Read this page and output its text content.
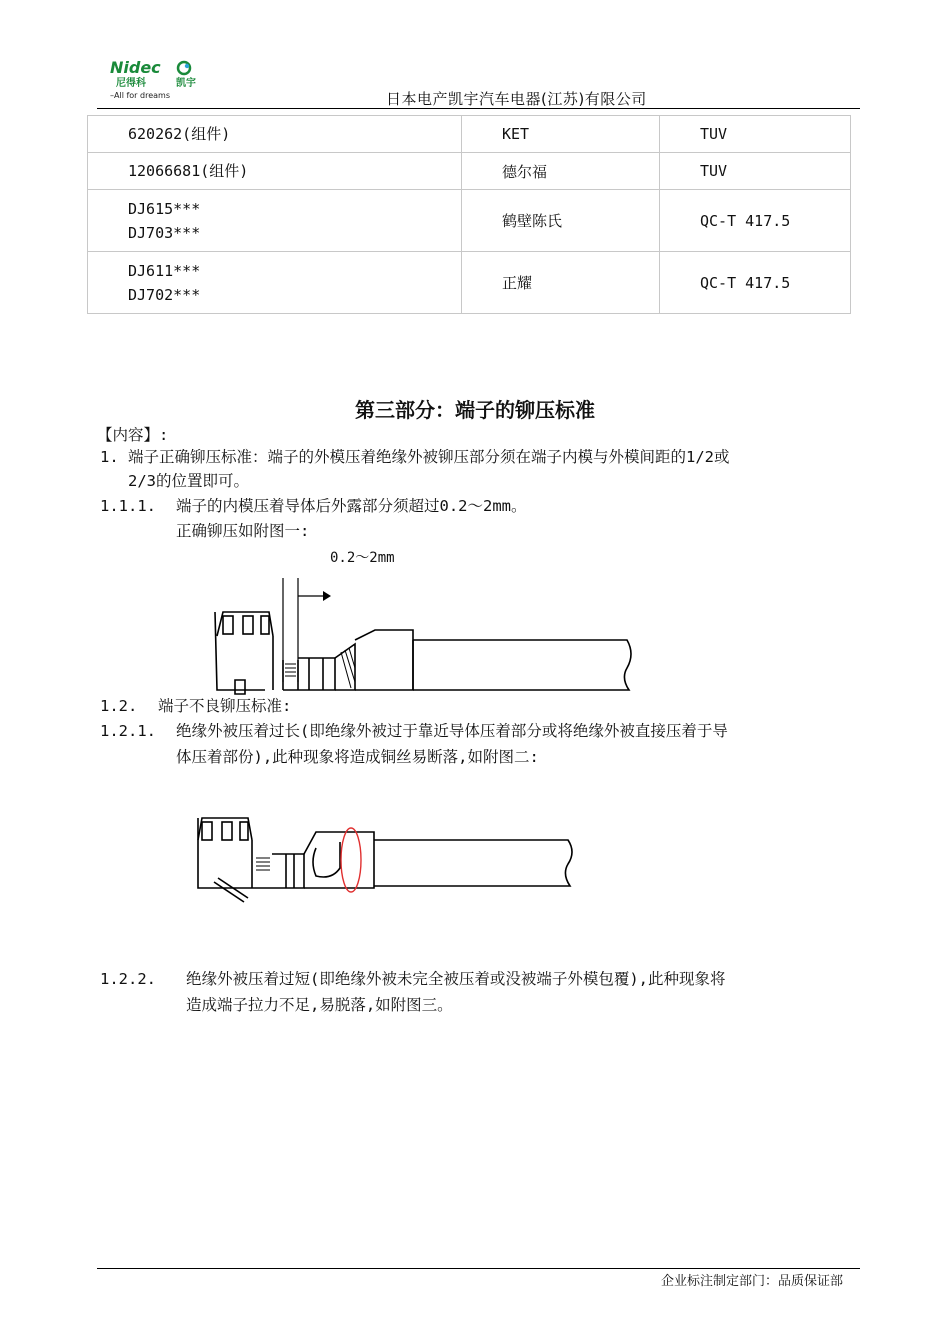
Nidec
尼得科	凯宇
–All for dreams	日本电产凯宇汽车电器(江苏)有限公司
620262(组件)	KET	TUV

12066681(组件)	德尔福	TUV

DJ615***
DJ703***	鹤壁陈氏	QC-T 417.5

DJ611***
DJ702***	正耀	QC-T 417.5
第三部分：端子的铆压标准
【内容】:
1. 端子正确铆压标准：端子的外模压着绝缘外被铆压部分须在端子内模与外模间距的1/2或
2/3的位置即可。
1.1.1. 端子的内模压着导体后外露部分须超过0.2～2mm。
正确铆压如附图一:
0.2～2mm
1.2. 端子不良铆压标准:
1.2.1. 绝缘外被压着过长(即绝缘外被过于靠近导体压着部分或将绝缘外被直接压着于导
体压着部份),此种现象将造成铜丝易断落,如附图二:
1.2.2. 绝缘外被压着过短(即绝缘外被未完全被压着或没被端子外模包覆),此种现象将
造成端子拉力不足,易脱落,如附图三。
企业标注制定部门：品质保证部
